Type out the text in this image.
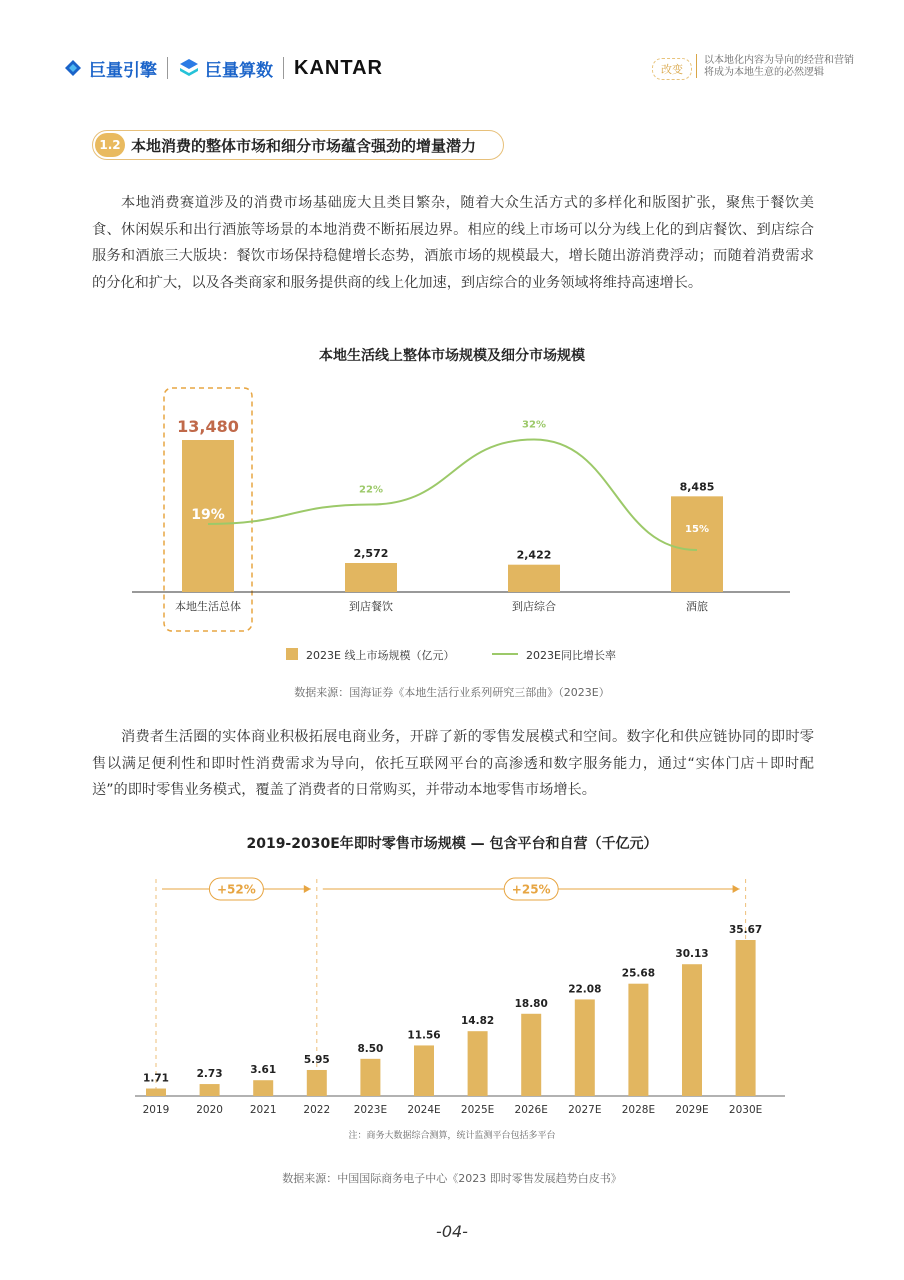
巨量引擎	巨量算数 KANTAR	改变
以本地化内容为导向的经营和营销
将成为本地生意的必然逻辑
1.2 本地消费的整体市场和细分市场蕴含强劲的增量潜力
本地消费赛道涉及的消费市场基础庞大且类目繁杂，随着大众生活方式的多样化和版图扩张，聚焦于餐饮美食、休闲娱乐和出行酒旅等场景的本地消费不断拓展边界。相应的线上市场可以分为线上化的到店餐饮、到店综合服务和酒旅三大版块：餐饮市场保持稳健增长态势，酒旅市场的规模最大，增长随出游消费浮动；而随着消费需求的分化和扩大，以及各类商家和服务提供商的线上化加速，到店综合的业务领域将维持高速增长。
本地生活线上整体市场规模及细分市场规模
13,480
本地生活总体
2,572
到店餐饮
2,422
到店综合
8,485
酒旅
19%
22%
32%
15%
2023E 线上市场规模（亿元）	2023E同比增长率
数据来源：国海证券《本地生活行业系列研究三部曲》（2023E）
消费者生活圈的实体商业积极拓展电商业务，开辟了新的零售发展模式和空间。数字化和供应链协同的即时零售以满足便利性和即时性消费需求为导向，依托互联网平台的高渗透和数字服务能力，通过“实体门店＋即时配送”的即时零售业务模式，覆盖了消费者的日常购买，并带动本地零售市场增长。
2019-2030E年即时零售市场规模 — 包含平台和自营（千亿元）
1.71
2019
2.73
2020
3.61
2021
5.95
2022
8.50
2023E
11.56
2024E
14.82
2025E
18.80
2026E
22.08
2027E
25.68
2028E
30.13
2029E
35.67
2030E
+52%	+25%
注：商务大数据综合测算，统计监测平台包括多平台
数据来源：中国国际商务电子中心《2023 即时零售发展趋势白皮书》
-04-
